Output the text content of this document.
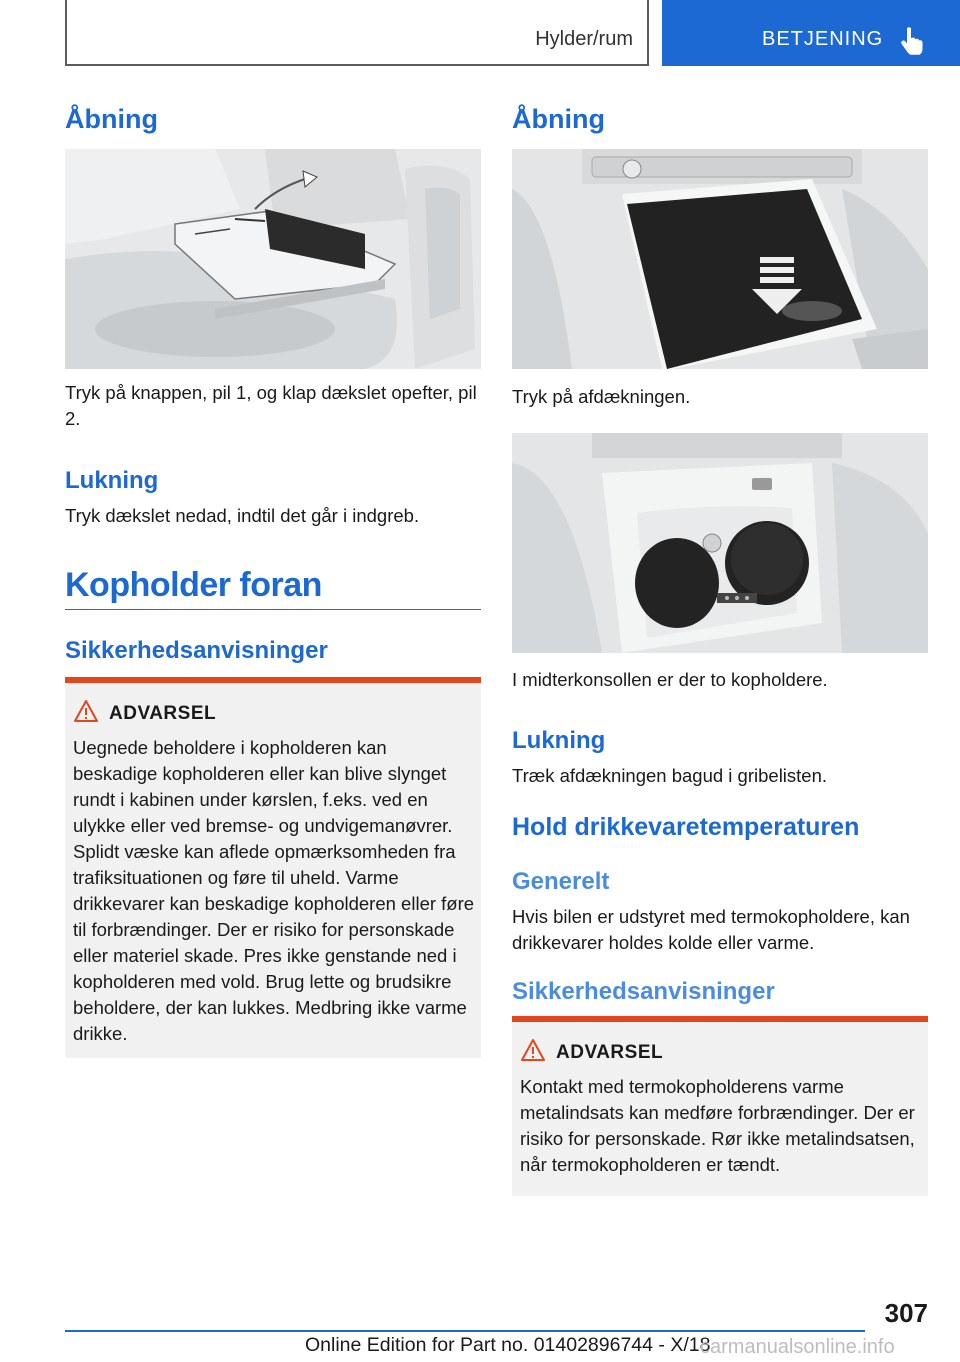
Hylder/rum	BETJENING
Åbning
Tryk på knappen, pil 1, og klap dækslet opefter, pil 2.
Lukning
Tryk dækslet nedad, indtil det går i indgreb.
Kopholder foran
Sikkerhedsanvisninger
ADVARSEL
Uegnede beholdere i kopholderen kan beskadige kopholderen eller kan blive slynget rundt i kabinen under kørslen, f.eks. ved en ulykke eller ved bremse- og undvigemanøvrer. Splidt væske kan aflede opmærksomheden fra trafiksituationen og føre til uheld. Varme drikkevarer kan beskadige kopholderen eller føre til forbrændinger. Der er risiko for personskade eller materiel skade. Pres ikke genstande ned i kopholderen med vold. Brug lette og brudsikre beholdere, der kan lukkes. Medbring ikke varme drikke.
Åbning
Tryk på afdækningen.
I midterkonsollen er der to kopholdere.
Lukning
Træk afdækningen bagud i gribelisten.
Hold drikkevaretemperaturen
Generelt
Hvis bilen er udstyret med termokopholdere, kan drikkevarer holdes kolde eller varme.
Sikkerhedsanvisninger
ADVARSEL
Kontakt med termokopholderens varme metalindsats kan medføre forbrændinger. Der er risiko for personskade. Rør ikke metalindsatsen, når termokopholderen er tændt.
307
Online Edition for Part no. 01402896744 - X/18
carmanualsonline.info
